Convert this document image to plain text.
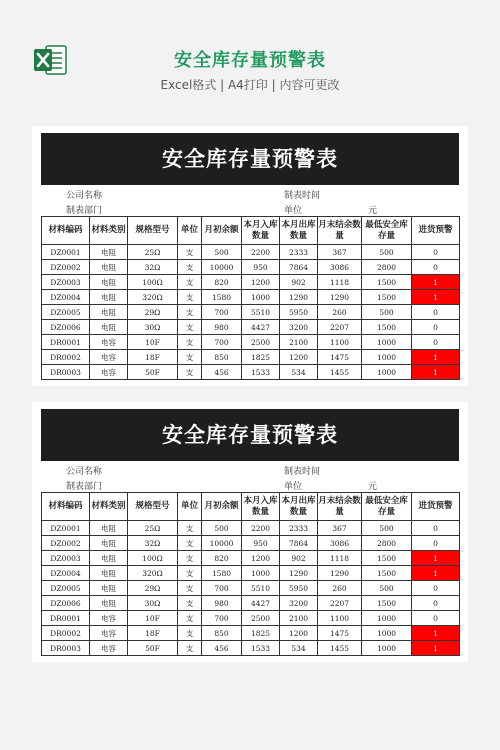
安全库存量预警表
Excel格式 | A4打印 | 内容可更改
安全库存量预警表
公司名称	制表时间
制表部门	单位	元
材料编码	材料类别	规格型号	单位	月初余额	本月入库数量	本月出库数量	月末结余数量	最低安全库存量	进货预警
DZ0001	电阻	25Ω	支	500	2200	2333	367	500	0
DZ0002	电阻	32Ω	支	10000	950	7864	3086	2800	0
DZ0003	电阻	100Ω	支	820	1200	902	1118	1500	1
DZ0004	电阻	320Ω	支	1580	1000	1290	1290	1500	1
DZ0005	电阻	29Ω	支	700	5510	5950	260	500	0
DZ0006	电阻	30Ω	支	980	4427	3200	2207	1500	0
DR0001	电容	10F	支	700	2500	2100	1100	1000	0
DR0002	电容	18F	支	850	1825	1200	1475	1000	1
DR0003	电容	50F	支	456	1533	534	1455	1000	1
安全库存量预警表
公司名称	制表时间
制表部门	单位	元
材料编码	材料类别	规格型号	单位	月初余额	本月入库数量	本月出库数量	月末结余数量	最低安全库存量	进货预警
DZ0001	电阻	25Ω	支	500	2200	2333	367	500	0
DZ0002	电阻	32Ω	支	10000	950	7864	3086	2800	0
DZ0003	电阻	100Ω	支	820	1200	902	1118	1500	1
DZ0004	电阻	320Ω	支	1580	1000	1290	1290	1500	1
DZ0005	电阻	29Ω	支	700	5510	5950	260	500	0
DZ0006	电阻	30Ω	支	980	4427	3200	2207	1500	0
DR0001	电容	10F	支	700	2500	2100	1100	1000	0
DR0002	电容	18F	支	850	1825	1200	1475	1000	1
DR0003	电容	50F	支	456	1533	534	1455	1000	1
